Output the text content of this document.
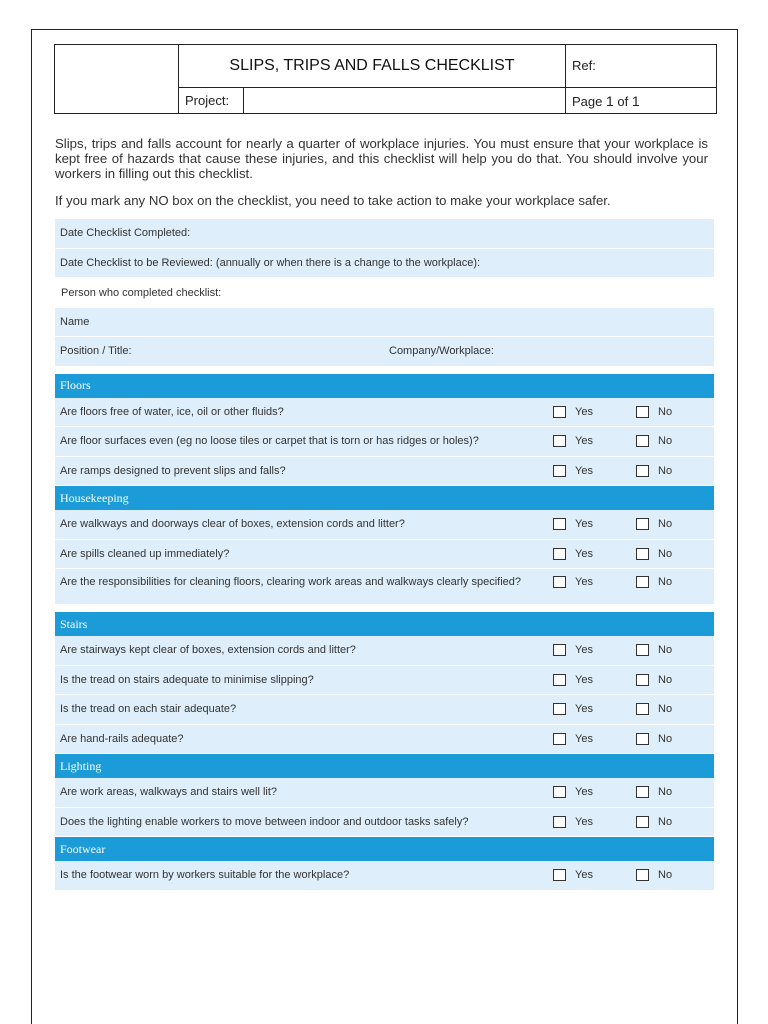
SLIPS, TRIPS AND FALLS CHECKLIST	Ref:
Project:	Page 1 of 1

Slips, trips and falls account for nearly a quarter of workplace injuries. You must ensure that your workplace is kept free of hazards that cause these injuries, and this checklist will help you do that. You should involve your workers in filling out this checklist.

If you mark any NO box on the checklist, you need to take action to make your workplace safer.

Date Checklist Completed:
Date Checklist to be Reviewed: (annually or when there is a change to the workplace):
Person who completed checklist:
Name
Position / Title:	Company/Workplace:
Floors
Are floors free of water, ice, oil or other fluids?	Yes	No
Are floor surfaces even (eg no loose tiles or carpet that is torn or has ridges or holes)?	Yes	No
Are ramps designed to prevent slips and falls?	Yes	No
Housekeeping
Are walkways and doorways clear of boxes, extension cords and litter?	Yes	No
Are spills cleaned up immediately?	Yes	No
Are the responsibilities for cleaning floors, clearing work areas and walkways clearly specified?	Yes	No
Stairs
Are stairways kept clear of boxes, extension cords and litter?	Yes	No
Is the tread on stairs adequate to minimise slipping?	Yes	No
Is the tread on each stair adequate?	Yes	No
Are hand-rails adequate?	Yes	No
Lighting
Are work areas, walkways and stairs well lit?	Yes	No
Does the lighting enable workers to move between indoor and outdoor tasks safely?	Yes	No
Footwear
Is the footwear worn by workers suitable for the workplace?	Yes	No
